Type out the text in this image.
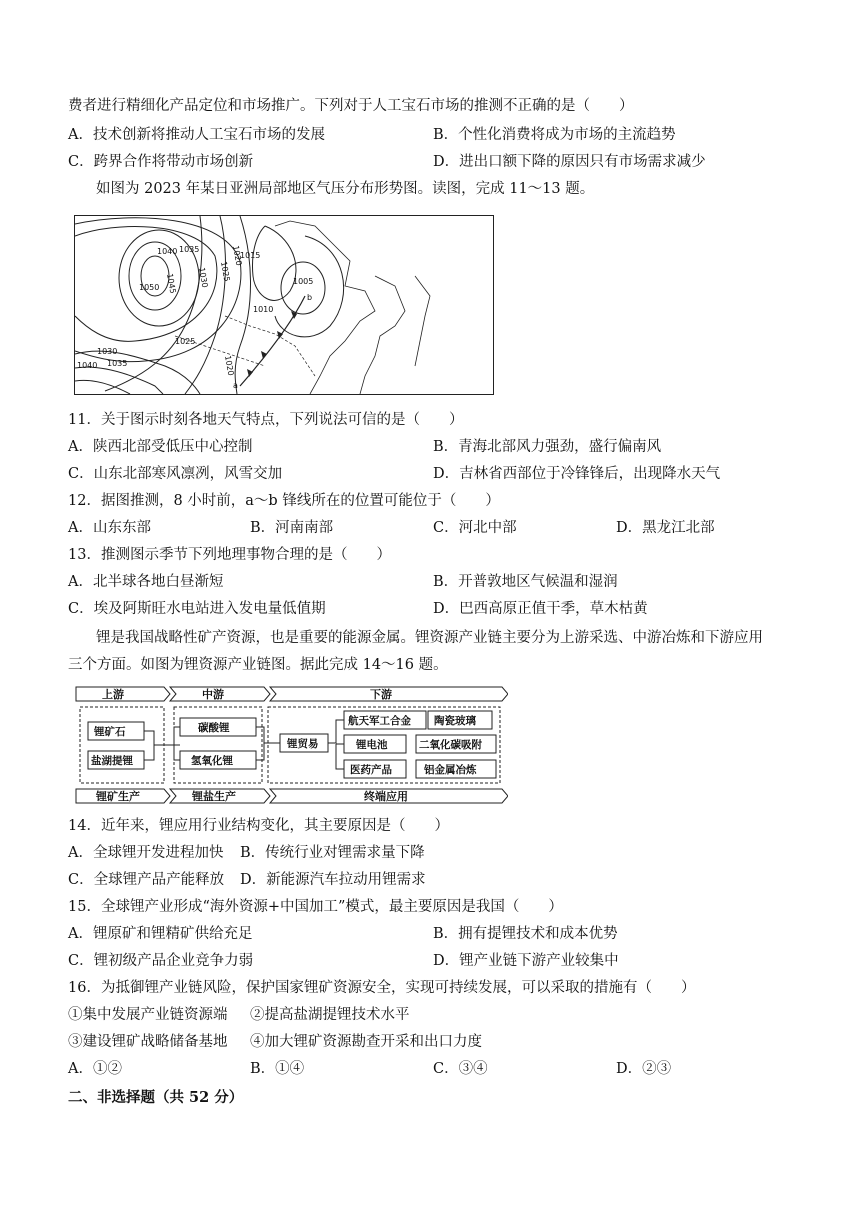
费者进行精细化产品定位和市场推广。下列对于人工宝石市场的推测不正确的是（　　）
A．技术创新将推动人工宝石市场的发展	B．个性化消费将成为市场的主流趋势
C．跨界合作将带动市场创新	D．进出口额下降的原因只有市场需求减少
如图为 2023 年某日亚洲局部地区气压分布形势图。读图，完成 11～13 题。
1040 1035
1045
1050	1030 1025
1020
1015
1005
1010
1025
1020
1030
1040 1035
b
a
11．关于图示时刻各地天气特点，下列说法可信的是（　　）
A．陕西北部受低压中心控制	B．青海北部风力强劲，盛行偏南风
C．山东北部寒风凛冽，风雪交加	D．吉林省西部位于冷锋锋后，出现降水天气
12．据图推测，8 小时前，a～b 锋线所在的位置可能位于（　　）
A．山东东部	B．河南南部	C．河北中部	D．黑龙江北部
13．推测图示季节下列地理事物合理的是（　　）
A．北半球各地白昼渐短	B．开普敦地区气候温和湿润
C．埃及阿斯旺水电站进入发电量低值期	D．巴西高原正值干季，草木枯黄
锂是我国战略性矿产资源，也是重要的能源金属。锂资源产业链主要分为上游采选、中游冶炼和下游应用
三个方面。如图为锂资源产业链图。据此完成 14～16 题。
上游	中游	下游
锂矿石
盐湖提锂
碳酸锂
氢氧化锂
锂贸易
航天军工合金
锂电池
医药产品
陶瓷玻璃
二氧化碳吸附
铝金属冶炼
锂矿生产	锂盐生产	终端应用
14．近年来，锂应用行业结构变化，其主要原因是（　　）
A．全球锂开发进程加快 B．传统行业对锂需求量下降
C．全球锂产品产能释放 D．新能源汽车拉动用锂需求
15．全球锂产业形成“海外资源+中国加工”模式，最主要原因是我国（　　）
A．锂原矿和锂精矿供给充足	B．拥有提锂技术和成本优势
C．锂初级产品企业竞争力弱	D．锂产业链下游产业较集中
16．为抵御锂产业链风险，保护国家锂矿资源安全，实现可持续发展，可以采取的措施有（　　）
①集中发展产业链资源端 ②提高盐湖提锂技术水平
③建设锂矿战略储备基地 ④加大锂矿资源勘查开采和出口力度
A．①②	B．①④	C．③④	D．②③
二、非选择题（共 52 分）
